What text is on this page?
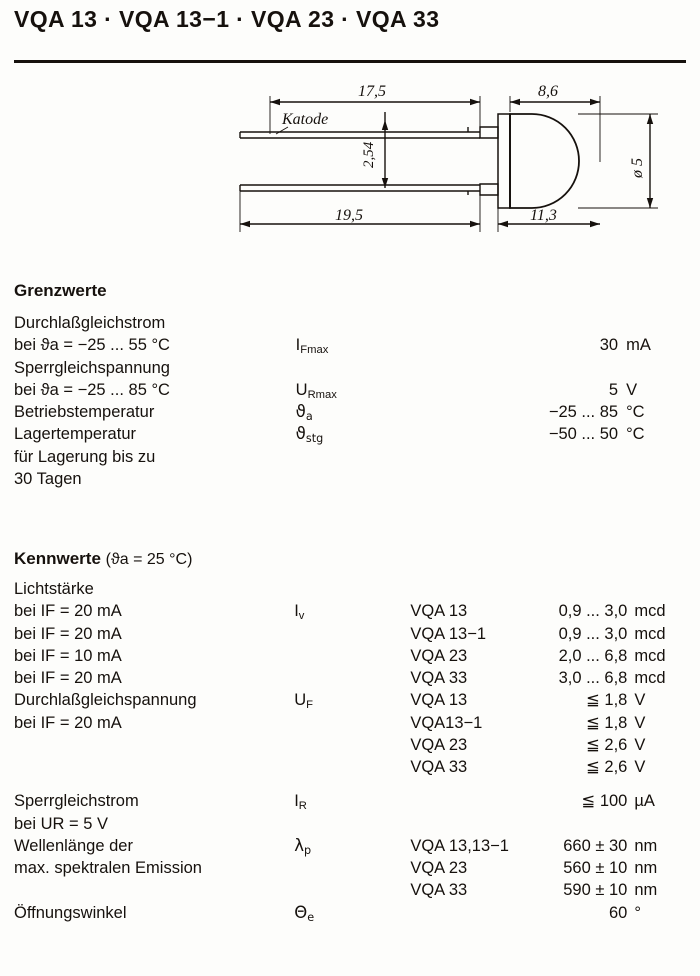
VQA 13 · VQA 13−1 · VQA 23 · VQA 33
17,5	8,6
19,5	11,3
2,54	ø 5
Katode
Grenzwerte
Durchlaßgleichstrom			
bei ϑa = −25 ... 55 °C	$I_{Fmax}$	30	mA
Sperrgleichspannung			
bei ϑa = −25 ... 85 °C	$U_{Rmax}$	5	V
Betriebstemperatur	$ϑ_a$	−25 ... 85	°C
Lagertemperatur	$ϑ_{stg}$	−50 ... 50	°C
für Lagerung bis zu			
30 Tagen			
Kennwerte (ϑa = 25 °C)
Lichtstärke				
bei IF = 20 mA	$I_v$	VQA 13	0,9 ... 3,0	mcd
bei IF = 20 mA		VQA 13−1	0,9 ... 3,0	mcd
bei IF = 10 mA		VQA 23	2,0 ... 6,8	mcd
bei IF = 20 mA		VQA 33	3,0 ... 6,8	mcd
Durchlaßgleichspannung	$U_F$	VQA 13	≦ 1,8	V
bei IF = 20 mA		VQA13−1	≦ 1,8	V
		VQA 23	≦ 2,6	V
		VQA 33	≦ 2,6	V

Sperrgleichstrom	$I_R$		≦ 100	µA
bei UR = 5 V				
Wellenlänge der	$\lambda_p$	VQA 13,13−1	660 ± 30	nm
max. spektralen Emission		VQA 23	560 ± 10	nm
		VQA 33	590 ± 10	nm
Öffnungswinkel	$\Theta_e$		60	°
